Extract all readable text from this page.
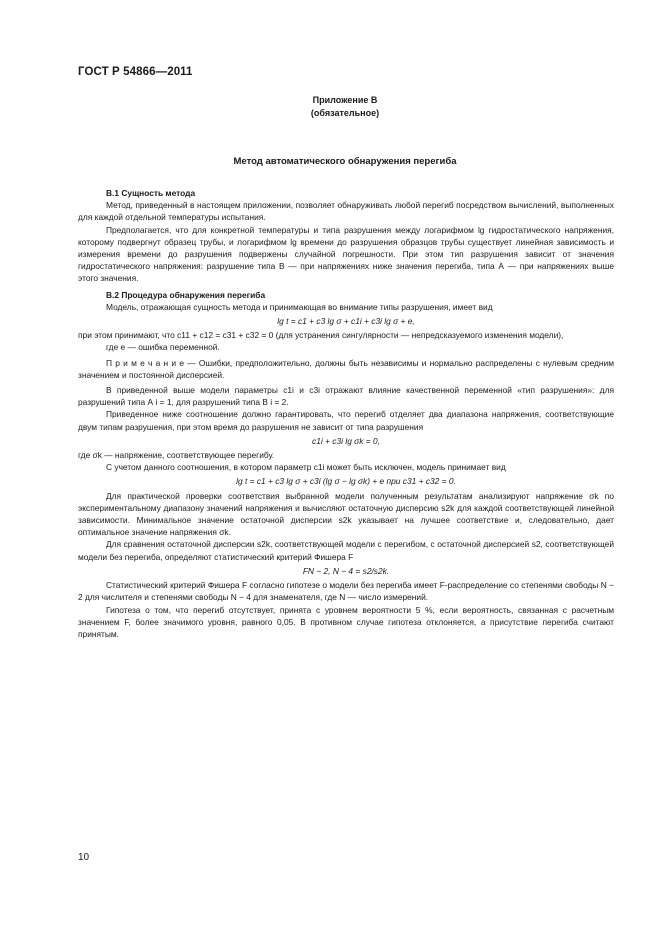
ГОСТ Р 54866—2011
Приложение В
(обязательное)
Метод автоматического обнаружения перегиба

В.1 Сущность метода

Метод, приведенный в настоящем приложении, позволяет обнаруживать любой перегиб посредством вычислений, выполненных для каждой отдельной температуры испытания.

Предполагается, что для конкретной температуры и типа разрушения между логарифмом lg гидростатического напряжения, которому подвергнут образец трубы, и логарифмом lg времени до разрушения образцов трубы существует линейная зависимость и измерения времени до разрушения подвержены случайной погрешности. При этом тип разрушения зависит от значения гидростатического напряжения: разрушение типа В — при напряжениях ниже значения перегиба, типа А — при напряжениях выше этого значения.

В.2 Процедура обнаружения перегиба

Модель, отражающая сущность метода и принимающая во внимание типы разрушения, имеет вид

lg t = c1 + c3 lg σ + c1i + c3i lg σ + e,

при этом принимают, что c11 + c12 = c31 + c32 = 0 (для устранения сингулярности — непредсказуемого изменения модели),

где e — ошибка переменной.

П р и м е ч а н и е — Ошибки, предположительно, должны быть независимы и нормально распределены с нулевым средним значением и постоянной дисперсией.

В приведенной выше модели параметры c1i и c3i отражают влияние качественной переменной «тип разрушения»: для разрушений типа А i = 1, для разрушений типа В i = 2.

Приведенное ниже соотношение должно гарантировать, что перегиб отделяет два диапазона напряжения, соответствующие двум типам разрушения, при этом время до разрушения не зависит от типа разрушения

c1i + c3i lg σk = 0,

где σk — напряжение, соответствующее перегибу.

С учетом данного соотношения, в котором параметр c1i может быть исключен, модель принимает вид

lg t = c1 + c3 lg σ + c3i (lg σ − lg σk) + e при c31 + c32 = 0.

Для практической проверки соответствия выбранной модели полученным результатам анализируют напряжение σk по экспериментальному диапазону значений напряжения и вычисляют остаточную дисперсию s2k для каждой соответствующей линейной зависимости. Минимальное значение остаточной дисперсии s2k указывает на лучшее соответствие и, следовательно, дает оптимальное значение напряжения σk.

Для сравнения остаточной дисперсии s2k, соответствующей модели с перегибом, с остаточной дисперсией s2, соответствующей модели без перегиба, определяют статистический критерий Фишера F

FN − 2, N − 4 = s2/s2k.

Статистический критерий Фишера F согласно гипотезе о модели без перегиба имеет F-распределение со степенями свободы N − 2 для числителя и степенями свободы N − 4 для знаменателя, где N — число измерений.

Гипотеза о том, что перегиб отсутствует, принята с уровнем вероятности 5 %, если вероятность, связанная с расчетным значением F, более значимого уровня, равного 0,05. В противном случае гипотеза отклоняется, а присутствие перегиба считают принятым.

10
